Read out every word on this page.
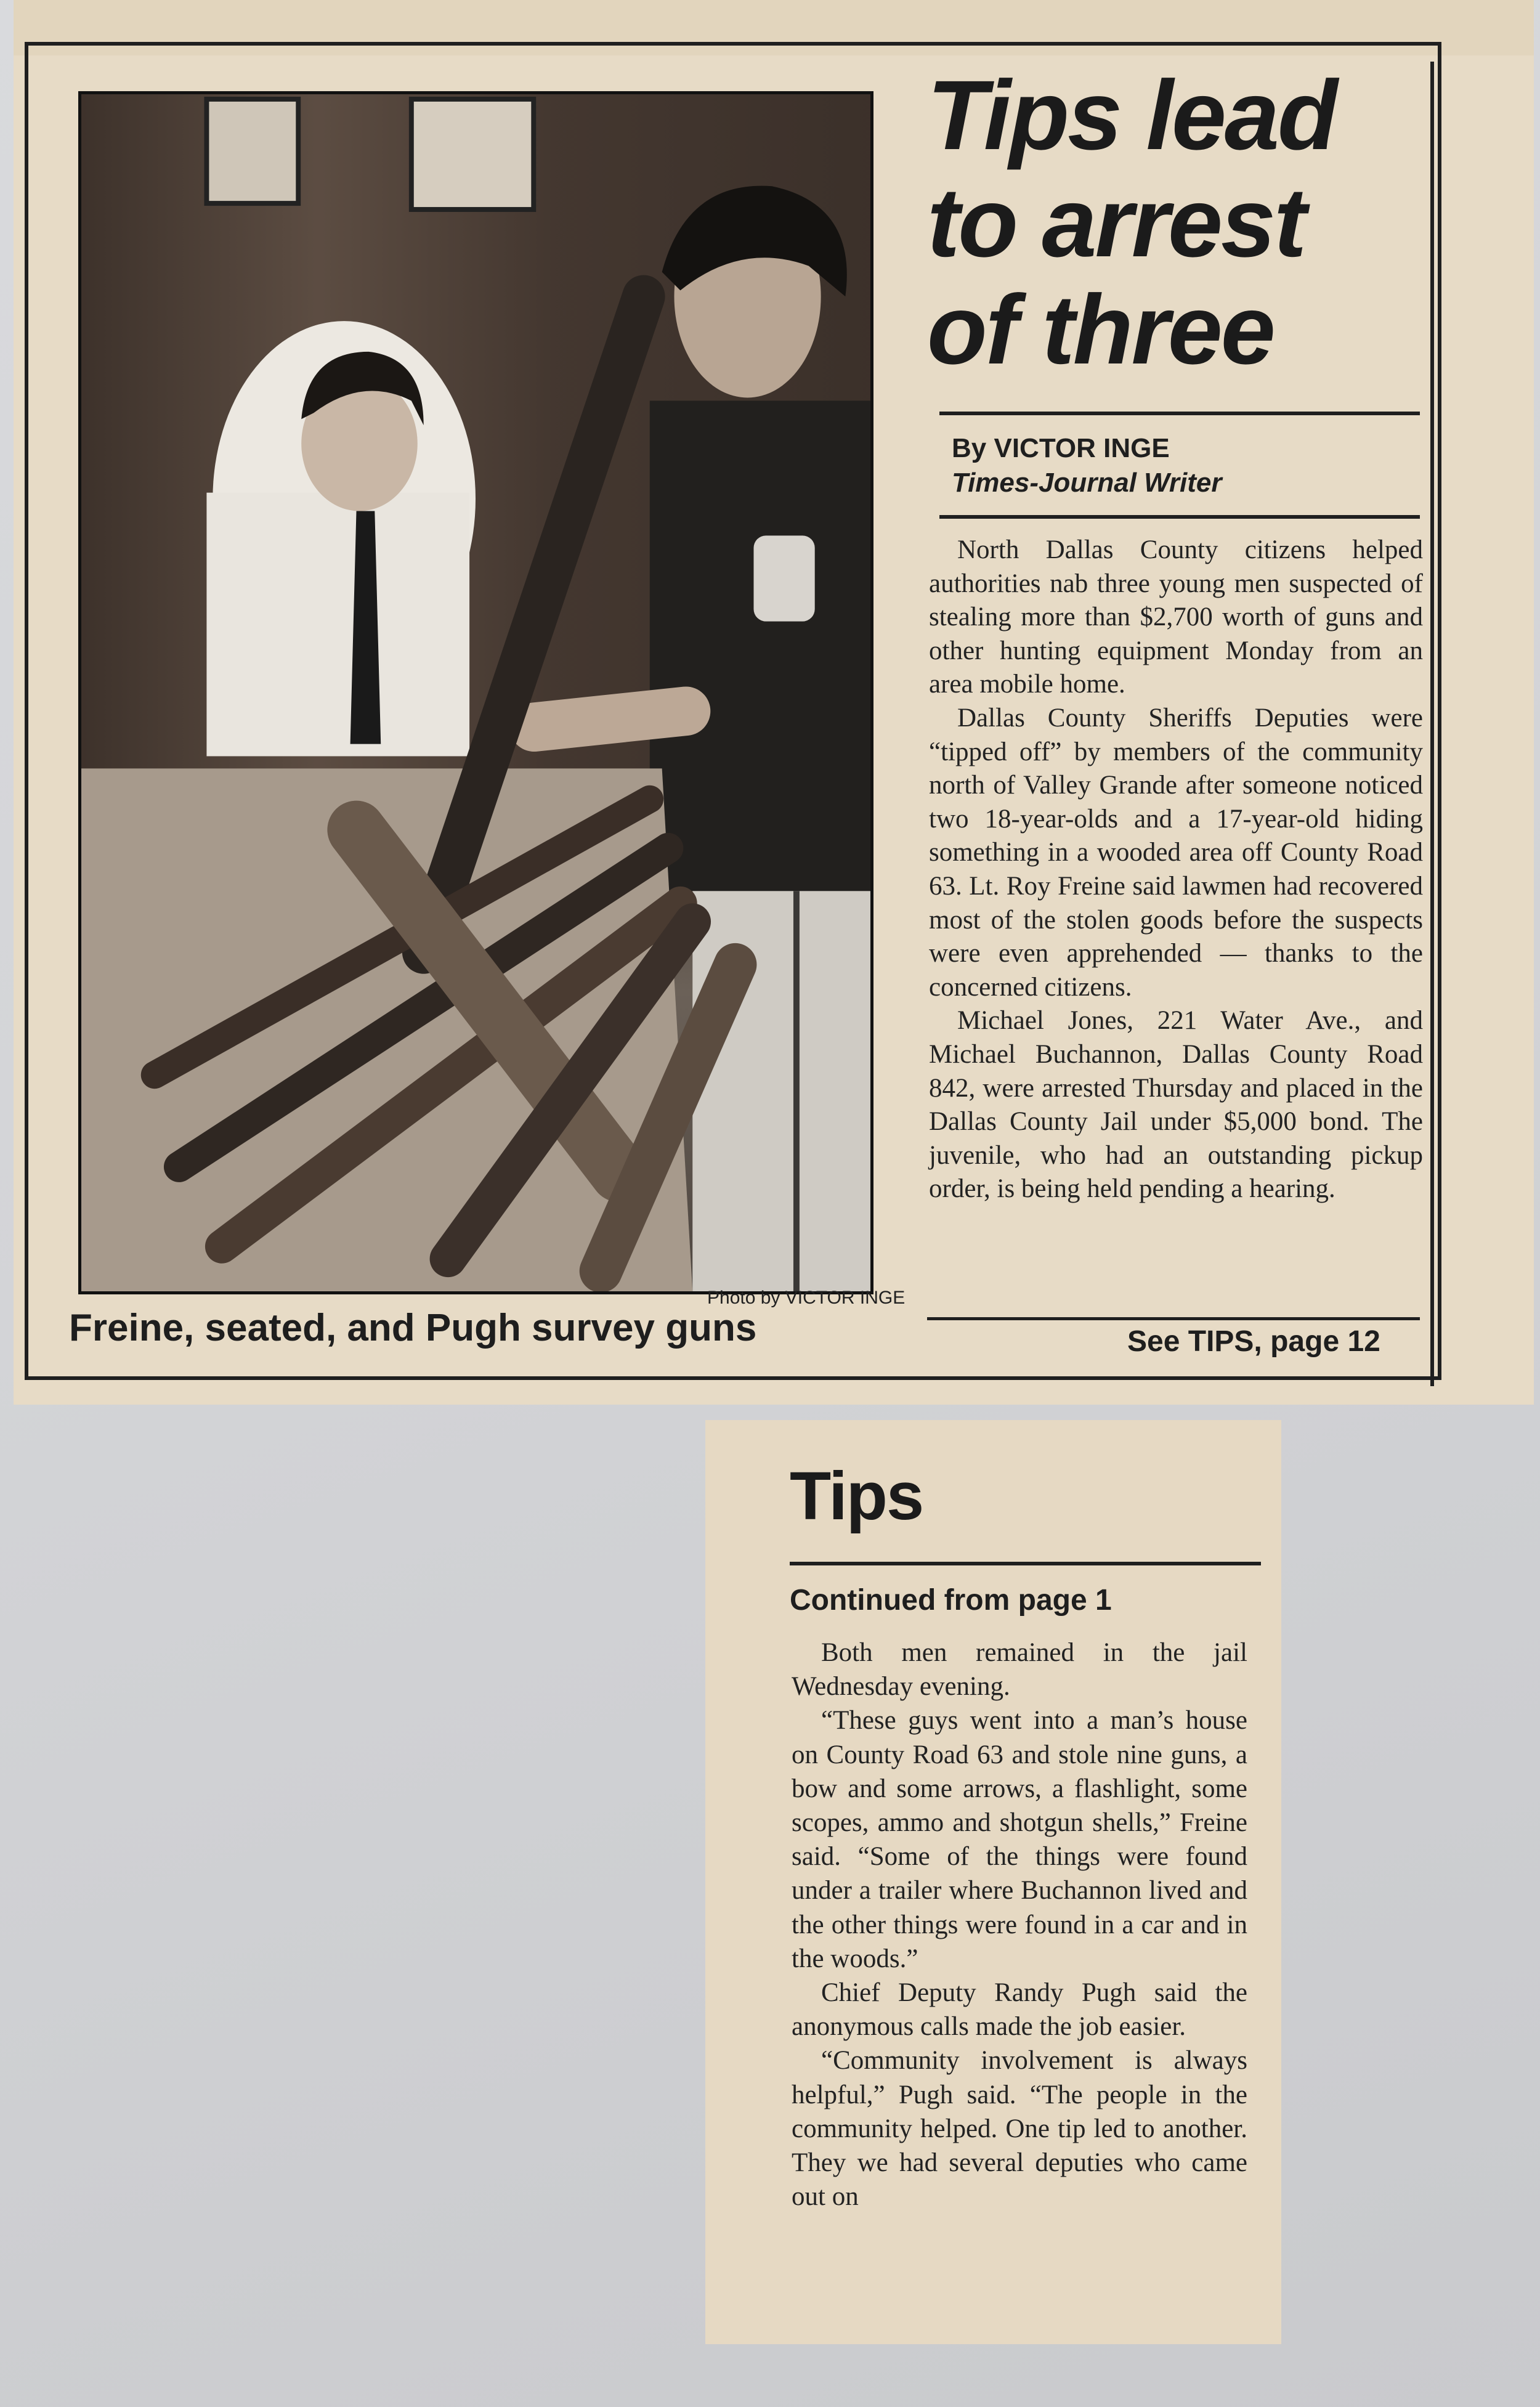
Photo by VICTOR INGE
Freine, seated, and Pugh survey guns
Tips lead
to arrest
of three
By VICTOR INGE
Times-Journal Writer

North Dallas County citizens helped authorities nab three young men suspected of stealing more than $2,700 worth of guns and other hunting equipment Monday from an area mobile home.

Dallas County Sheriffs Deputies were “tipped off” by members of the community north of Valley Grande after someone noticed two 18-year-olds and a 17-year-old hiding something in a wooded area off County Road 63. Lt. Roy Freine said lawmen had recovered most of the stolen goods before the suspects were even apprehended — thanks to the concerned citizens.

Michael Jones, 221 Water Ave., and Michael Buchannon, Dallas County Road 842, were arrested Thursday and placed in the Dallas County Jail under $5,000 bond. The juvenile, who had an outstanding pickup order, is being held pending a hearing.

See TIPS, page 12
Tips
Continued from page 1

Both men remained in the jail Wednesday evening.

“These guys went into a man’s house on County Road 63 and stole nine guns, a bow and some arrows, a flashlight, some scopes, ammo and shotgun shells,” Freine said. “Some of the things were found under a trailer where Buchannon lived and the other things were found in a car and in the woods.”

Chief Deputy Randy Pugh said the anonymous calls made the job easier.

“Community involvement is always helpful,” Pugh said. “The people in the community helped. One tip led to another. They we had several deputies who came out on
